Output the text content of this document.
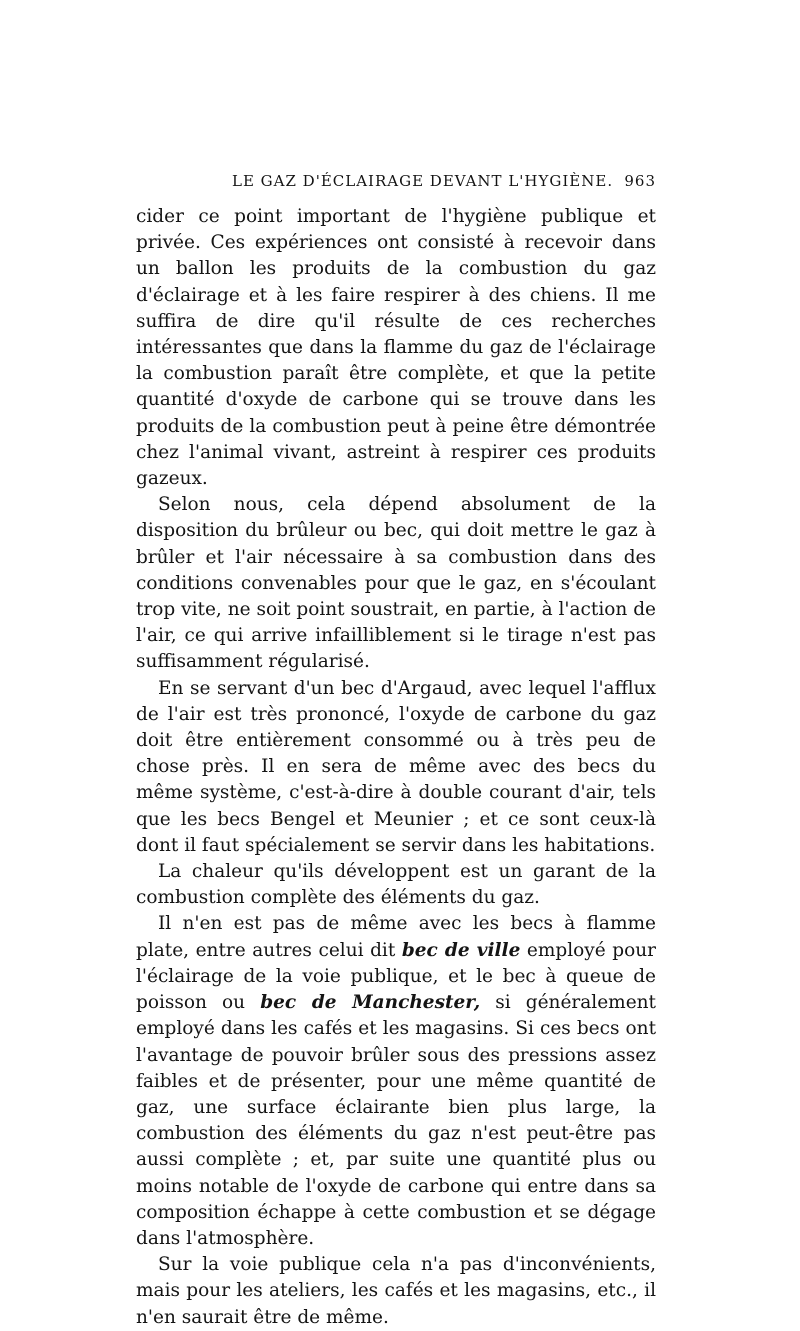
LE GAZ D'ÉCLAIRAGE DEVANT L'HYGIÈNE. 963

cider ce point important de l'hygiène publique et privée. Ces expériences ont consisté à recevoir dans un ballon les produits de la combustion du gaz d'éclairage et à les faire respirer à des chiens. Il me suffira de dire qu'il résulte de ces recherches intéressantes que dans la flamme du gaz de l'éclairage la combustion paraît être complète, et que la petite quantité d'oxyde de carbone qui se trouve dans les produits de la combustion peut à peine être démontrée chez l'animal vivant, astreint à respirer ces produits gazeux.

Selon nous, cela dépend absolument de la disposition du brûleur ou bec, qui doit mettre le gaz à brûler et l'air nécessaire à sa combustion dans des conditions convenables pour que le gaz, en s'écoulant trop vite, ne soit point soustrait, en partie, à l'action de l'air, ce qui arrive infailliblement si le tirage n'est pas suffisamment régularisé.

En se servant d'un bec d'Argaud, avec lequel l'afflux de l'air est très prononcé, l'oxyde de carbone du gaz doit être entièrement consommé ou à très peu de chose près. Il en sera de même avec des becs du même système, c'est-à-dire à double courant d'air, tels que les becs Bengel et Meunier ; et ce sont ceux-là dont il faut spécialement se servir dans les habitations.

La chaleur qu'ils développent est un garant de la combustion complète des éléments du gaz.

Il n'en est pas de même avec les becs à flamme plate, entre autres celui dit bec de ville employé pour l'éclairage de la voie publique, et le bec à queue de poisson ou bec de Manchester, si généralement employé dans les cafés et les magasins. Si ces becs ont l'avantage de pouvoir brûler sous des pressions assez faibles et de présenter, pour une même quantité de gaz, une surface éclairante bien plus large, la combustion des éléments du gaz n'est peut-être pas aussi complète ; et, par suite une quantité plus ou moins notable de l'oxyde de carbone qui entre dans sa composition échappe à cette combustion et se dégage dans l'atmosphère.

Sur la voie publique cela n'a pas d'inconvénients, mais pour les ateliers, les cafés et les magasins, etc., il n'en saurait être de même.
